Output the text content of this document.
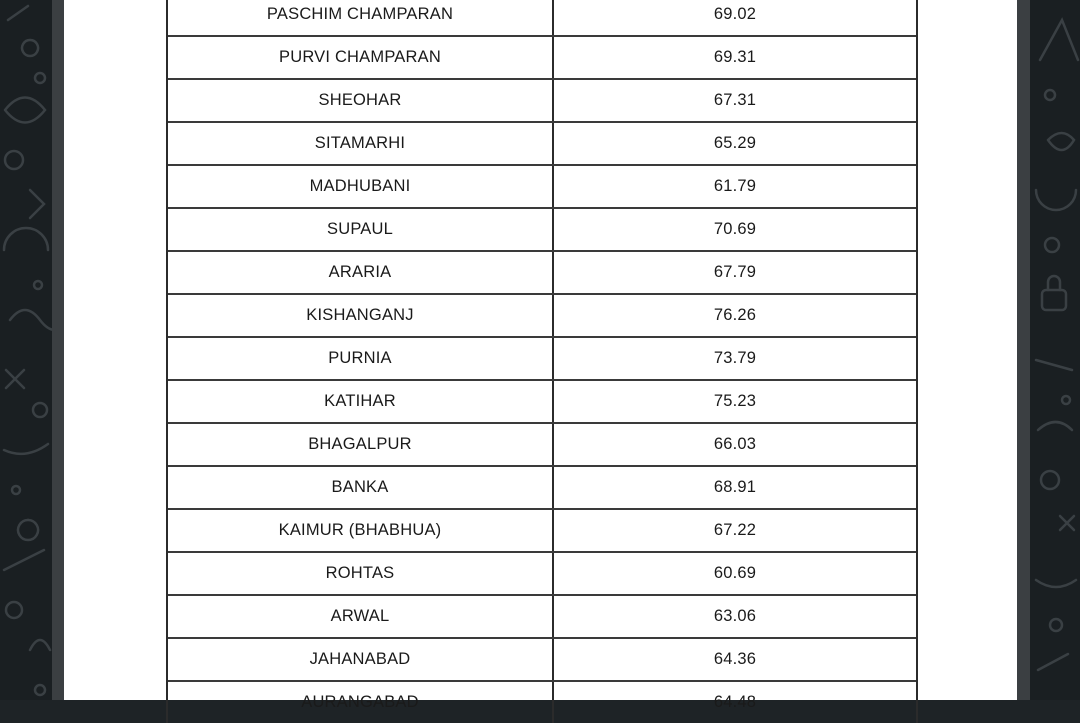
PASCHIM CHAMPARAN	69.02
PURVI CHAMPARAN	69.31
SHEOHAR	67.31
SITAMARHI	65.29
MADHUBANI	61.79
SUPAUL	70.69
ARARIA	67.79
KISHANGANJ	76.26
PURNIA	73.79
KATIHAR	75.23
BHAGALPUR	66.03
BANKA	68.91
KAIMUR (BHABHUA)	67.22
ROHTAS	60.69
ARWAL	63.06
JAHANABAD	64.36
AURANGABAD	64.48
